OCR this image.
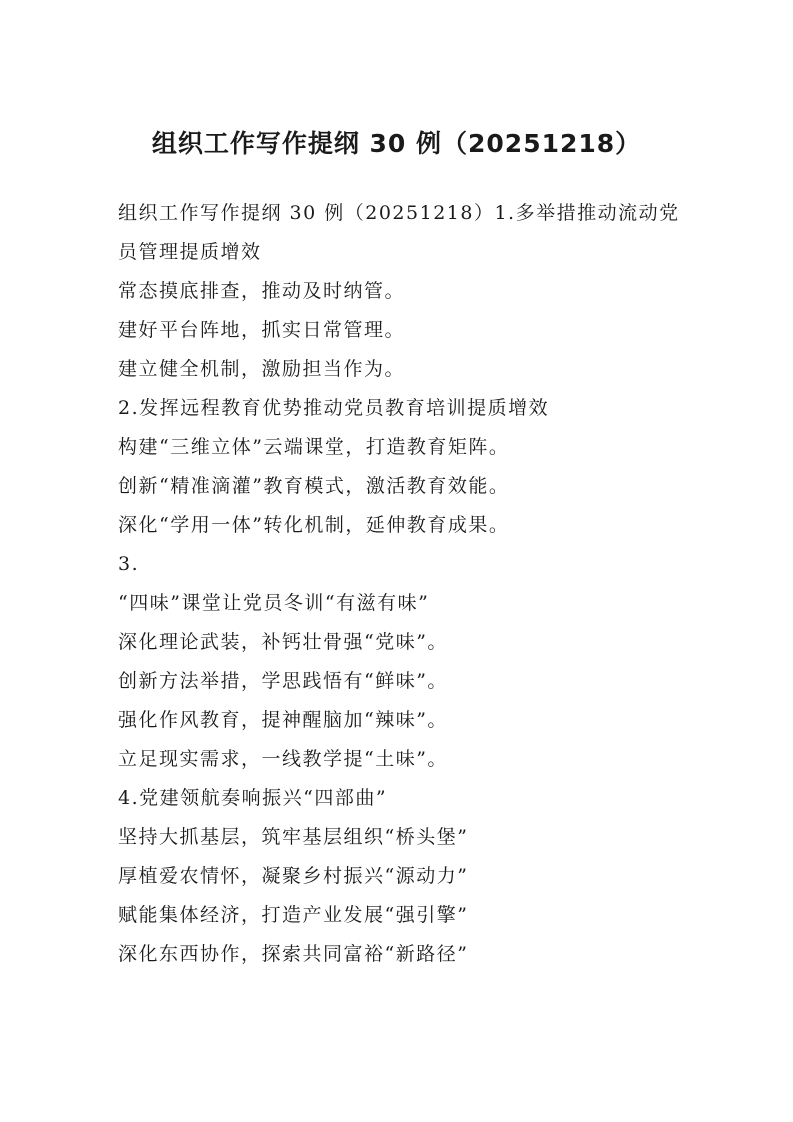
组织工作写作提纲 30 例（20251218）

组织工作写作提纲 30 例（20251218）1.多举措推动流动党员管理提质增效

常态摸底排查，推动及时纳管。

建好平台阵地，抓实日常管理。

建立健全机制，激励担当作为。

2.发挥远程教育优势推动党员教育培训提质增效

构建“三维立体”云端课堂，打造教育矩阵。

创新“精准滴灌”教育模式，激活教育效能。

深化“学用一体”转化机制，延伸教育成果。

3.

“四味”课堂让党员冬训“有滋有味”

深化理论武装，补钙壮骨强“党味”。

创新方法举措，学思践悟有“鲜味”。

强化作风教育，提神醒脑加“辣味”。

立足现实需求，一线教学提“土味”。

4.党建领航奏响振兴“四部曲”

坚持大抓基层，筑牢基层组织“桥头堡”

厚植爱农情怀，凝聚乡村振兴“源动力”

赋能集体经济，打造产业发展“强引擎”

深化东西协作，探索共同富裕“新路径”
